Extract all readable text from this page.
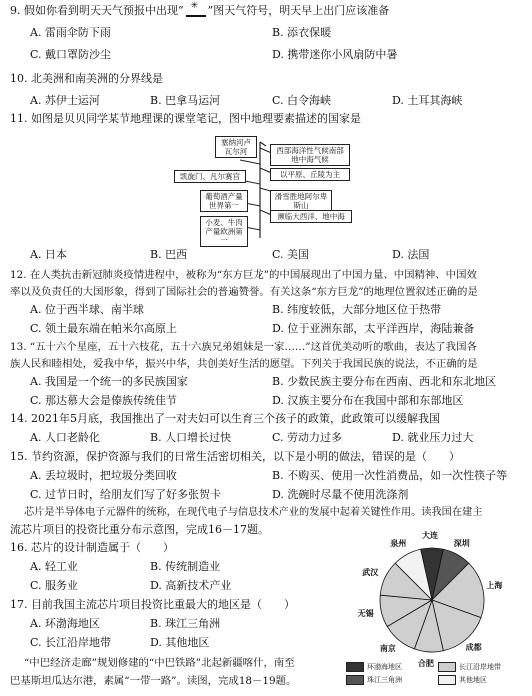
9. 假如你看到明天天气预报中出现“✳ ”图天气符号，明天早上出门应该准备
A. 雷雨伞防下雨	B. 添衣保暖
C. 戴口罩防沙尘	D. 携带迷你小风扇防中暑
10. 北美洲和南美洲的分界线是
A. 苏伊士运河	B. 巴拿马运河	C. 白令海峡	D. 土耳其海峡
11. 如图是贝贝同学某节地理课的课堂笔记，图中地理要素描述的国家是
塞纳河卢瓦尔河	西部海洋性气候南部地中海气候
凯旋门、凡尔赛宫	以平原、丘陵为主
葡萄酒产量世界第一
滑雪胜地阿尔卑斯山
小麦、牛肉产量欧洲第一
濒临大西洋、地中海
A. 日本	B. 巴西	C. 美国	D. 法国
12. 在人类抗击新冠肺炎疫情进程中，被称为“东方巨龙”的中国展现出了中国力量、中国精神、中国效
率以及负责任的大国形象，得到了国际社会的普遍赞誉。有关这条“东方巨龙”的地理位置叙述正确的是
A. 位于西半球、南半球	B. 纬度较低，大部分地区位于热带
C. 领土最东端在帕米尔高原上	D. 位于亚洲东部，太平洋西岸，海陆兼备
13. “五十六个星座，五十六枝花，五十六族兄弟姐妹是一家……”这首优美动听的歌曲，表达了我国各
族人民和睦相处，爱我中华，振兴中华，共创美好生活的愿望。下列关于我国民族的说法，不正确的是
A. 我国是一个统一的多民族国家	B. 少数民族主要分布在西南、西北和东北地区
C. 那达慕大会是傣族传统佳节	D. 汉族主要分布在我国中部和东部地区
14. 2021年5月底，我国推出了一对夫妇可以生育三个孩子的政策，此政策可以缓解我国
A. 人口老龄化	B. 人口增长过快	C. 劳动力过多	D. 就业压力过大
15. 节约资源，保护资源与我们的日常生活密切相关，以下是小明的做法，错误的是（　　）
A. 丢垃圾时，把垃圾分类回收	B. 不购买、使用一次性消费品，如一次性筷子等
C. 过节日时，给朋友们写了好多张贺卡	D. 洗碗时尽量不使用洗涤剂
芯片是半导体电子元器件的统称，在现代电子与信息技术产业的发展中起着关键性作用。读我国在建主
流芯片项目的投资比重分布示意图，完成16－17题。
16. 芯片的设计制造属于（　　）
A. 轻工业	B. 传统制造业
C. 服务业	D. 高新技术产业
17. 目前我国主流芯片项目投资比重最大的地区是（　　）
A. 环渤海地区	B. 珠江三角洲
C. 长江沿岸地带	D. 其他地区
“中巴经济走廊”规划修建的“中巴铁路”北起新疆喀什，南至
巴基斯坦瓜达尔港，素属“一带一路”。读图，完成18－19题。
大连
深圳
上海
成都
合肥
南京
无锡
武汉
泉州
环渤海地区	长江沿岸地带
珠江三角洲	其他地区
